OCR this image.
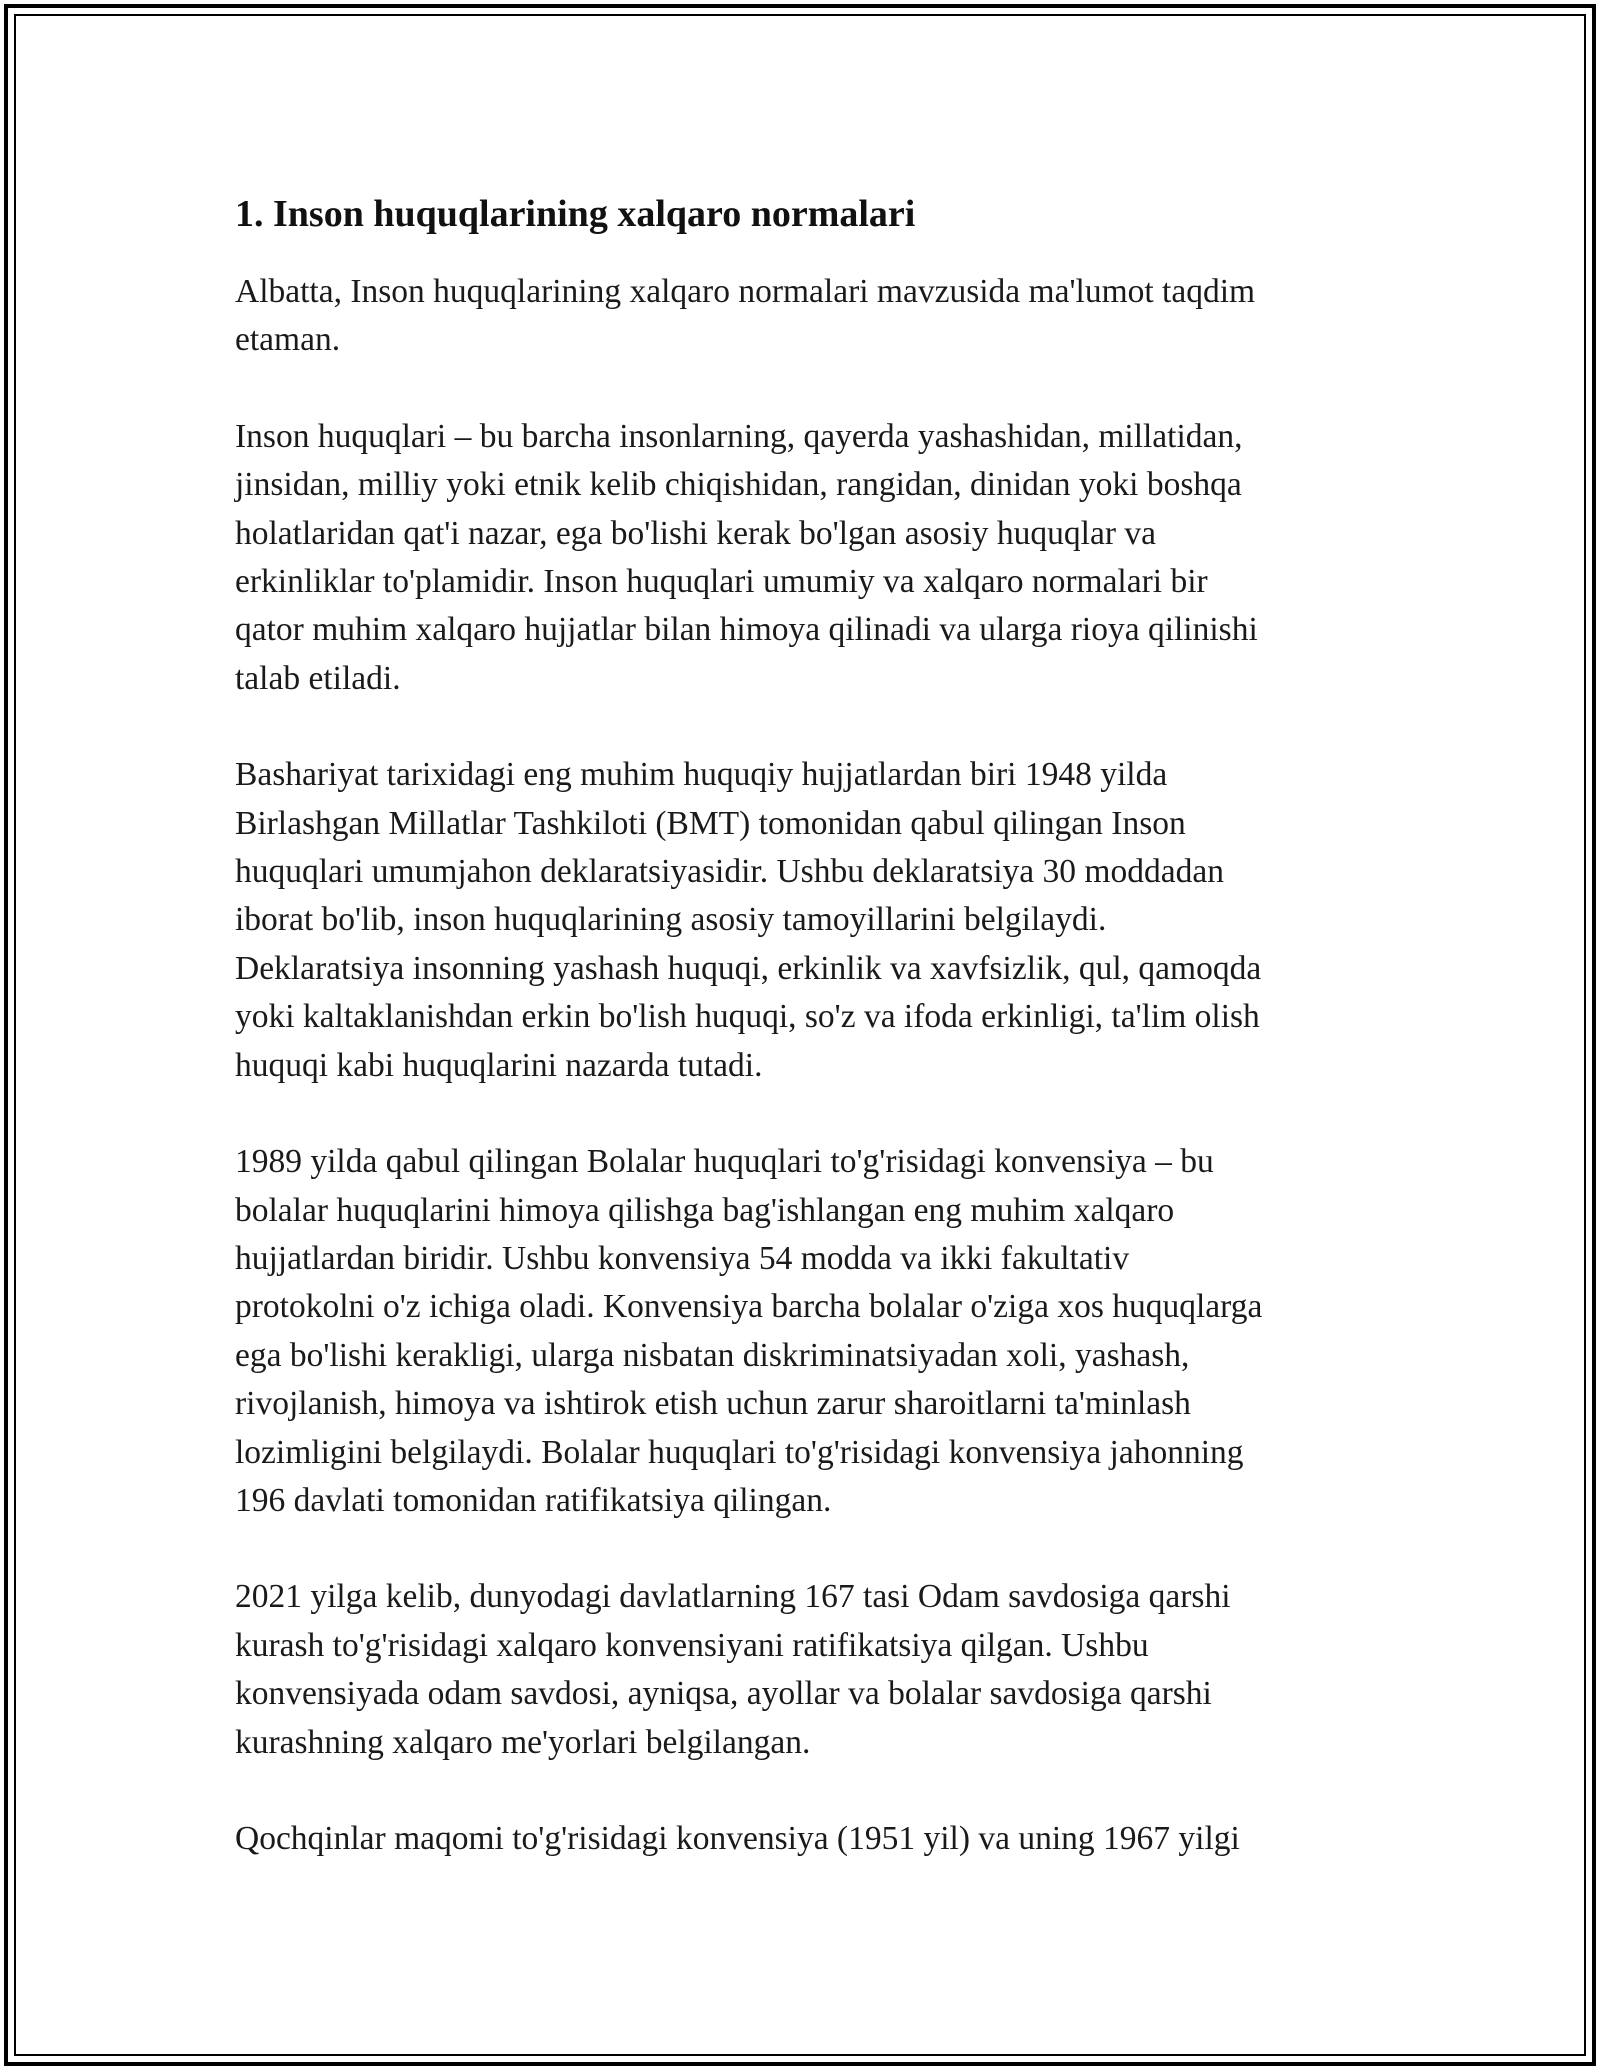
1. Inson huquqlarining xalqaro normalari

Albatta, Inson huquqlarining xalqaro normalari mavzusida ma'lumot taqdim
etaman.

Inson huquqlari – bu barcha insonlarning, qayerda yashashidan, millatidan,
jinsidan, milliy yoki etnik kelib chiqishidan, rangidan, dinidan yoki boshqa
holatlaridan qat'i nazar, ega bo'lishi kerak bo'lgan asosiy huquqlar va
erkinliklar to'plamidir. Inson huquqlari umumiy va xalqaro normalari bir
qator muhim xalqaro hujjatlar bilan himoya qilinadi va ularga rioya qilinishi
talab etiladi.

Bashariyat tarixidagi eng muhim huquqiy hujjatlardan biri 1948 yilda
Birlashgan Millatlar Tashkiloti (BMT) tomonidan qabul qilingan Inson
huquqlari umumjahon deklaratsiyasidir. Ushbu deklaratsiya 30 moddadan
iborat bo'lib, inson huquqlarining asosiy tamoyillarini belgilaydi.
Deklaratsiya insonning yashash huquqi, erkinlik va xavfsizlik, qul, qamoqda
yoki kaltaklanishdan erkin bo'lish huquqi, so'z va ifoda erkinligi, ta'lim olish
huquqi kabi huquqlarini nazarda tutadi.

1989 yilda qabul qilingan Bolalar huquqlari to'g'risidagi konvensiya – bu
bolalar huquqlarini himoya qilishga bag'ishlangan eng muhim xalqaro
hujjatlardan biridir. Ushbu konvensiya 54 modda va ikki fakultativ
protokolni o'z ichiga oladi. Konvensiya barcha bolalar o'ziga xos huquqlarga
ega bo'lishi kerakligi, ularga nisbatan diskriminatsiyadan xoli, yashash,
rivojlanish, himoya va ishtirok etish uchun zarur sharoitlarni ta'minlash
lozimligini belgilaydi. Bolalar huquqlari to'g'risidagi konvensiya jahonning
196 davlati tomonidan ratifikatsiya qilingan.

2021 yilga kelib, dunyodagi davlatlarning 167 tasi Odam savdosiga qarshi
kurash to'g'risidagi xalqaro konvensiyani ratifikatsiya qilgan. Ushbu
konvensiyada odam savdosi, ayniqsa, ayollar va bolalar savdosiga qarshi
kurashning xalqaro me'yorlari belgilangan.

Qochqinlar maqomi to'g'risidagi konvensiya (1951 yil) va uning 1967 yilgi
